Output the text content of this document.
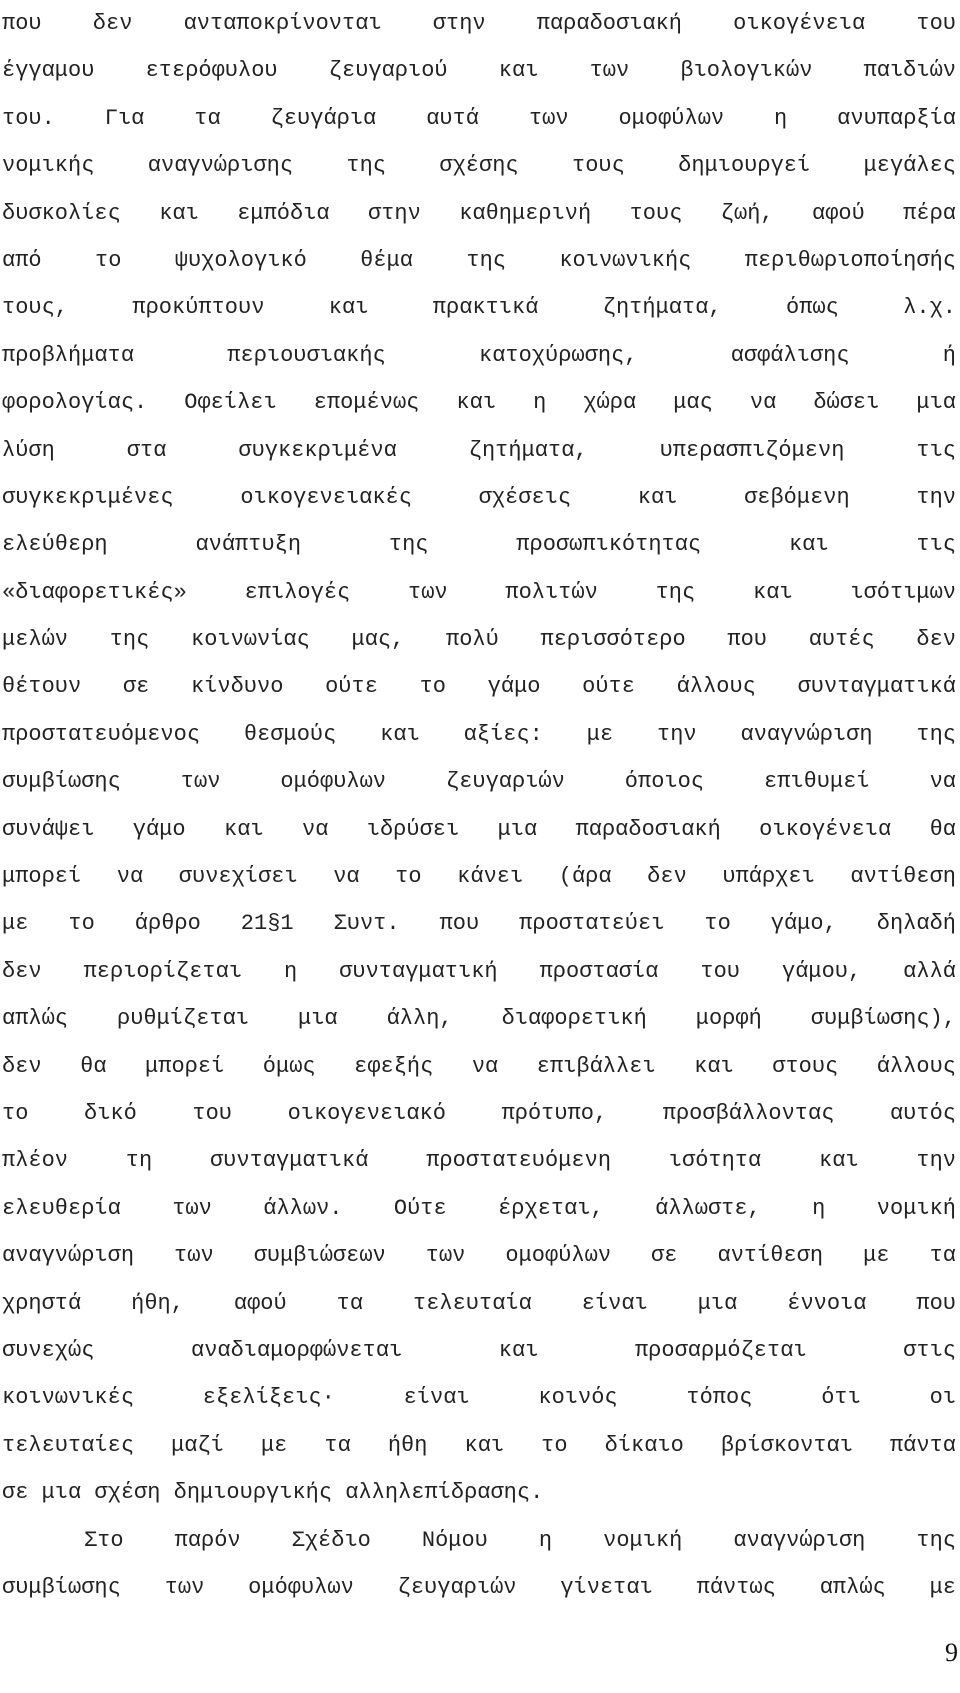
που δεν ανταποκρίνονται στην παραδοσιακή οικογένεια του
έγγαμου ετερόφυλου ζευγαριού και των βιολογικών παιδιών
του. Για τα ζευγάρια αυτά των ομοφύλων η ανυπαρξία
νομικής αναγνώρισης της σχέσης τους δημιουργεί μεγάλες
δυσκολίες και εμπόδια στην καθημερινή τους ζωή, αφού πέρα
από το ψυχολογικό θέμα της κοινωνικής περιθωριοποίησής
τους, προκύπτουν και πρακτικά ζητήματα, όπως λ.χ.
προβλήματα περιουσιακής κατοχύρωσης, ασφάλισης ή
φορολογίας. Οφείλει επομένως και η χώρα μας να δώσει μια
λύση στα συγκεκριμένα ζητήματα, υπερασπιζόμενη τις
συγκεκριμένες οικογενειακές σχέσεις και σεβόμενη την
ελεύθερη ανάπτυξη της προσωπικότητας και τις
«διαφορετικές» επιλογές των πολιτών της και ισότιμων
μελών της κοινωνίας μας, πολύ περισσότερο που αυτές δεν
θέτουν σε κίνδυνο ούτε το γάμο ούτε άλλους συνταγματικά
προστατευόμενος θεσμούς και αξίες: με την αναγνώριση της
συμβίωσης των ομόφυλων ζευγαριών όποιος επιθυμεί να
συνάψει γάμο και να ιδρύσει μια παραδοσιακή οικογένεια θα
μπορεί να συνεχίσει να το κάνει (άρα δεν υπάρχει αντίθεση
με το άρθρο 21§1 Συντ. που προστατεύει το γάμο, δηλαδή
δεν περιορίζεται η συνταγματική προστασία του γάμου, αλλά
απλώς ρυθμίζεται μια άλλη, διαφορετική μορφή συμβίωσης),
δεν θα μπορεί όμως εφεξής να επιβάλλει και στους άλλους
το δικό του οικογενειακό πρότυπο, προσβάλλοντας αυτός
πλέον τη συνταγματικά προστατευόμενη ισότητα και την
ελευθερία των άλλων. Ούτε έρχεται, άλλωστε, η νομική
αναγνώριση των συμβιώσεων των ομοφύλων σε αντίθεση με τα
χρηστά ήθη, αφού τα τελευταία είναι μια έννοια που
συνεχώς αναδιαμορφώνεται και προσαρμόζεται στις
κοινωνικές εξελίξεις· είναι κοινός τόπος ότι οι
τελευταίες μαζί με τα ήθη και το δίκαιο βρίσκονται πάντα
σε μια σχέση δημιουργικής αλληλεπίδρασης.
Στο παρόν Σχέδιο Νόμου η νομική αναγνώριση της
συμβίωσης των ομόφυλων ζευγαριών γίνεται πάντως απλώς με
9
